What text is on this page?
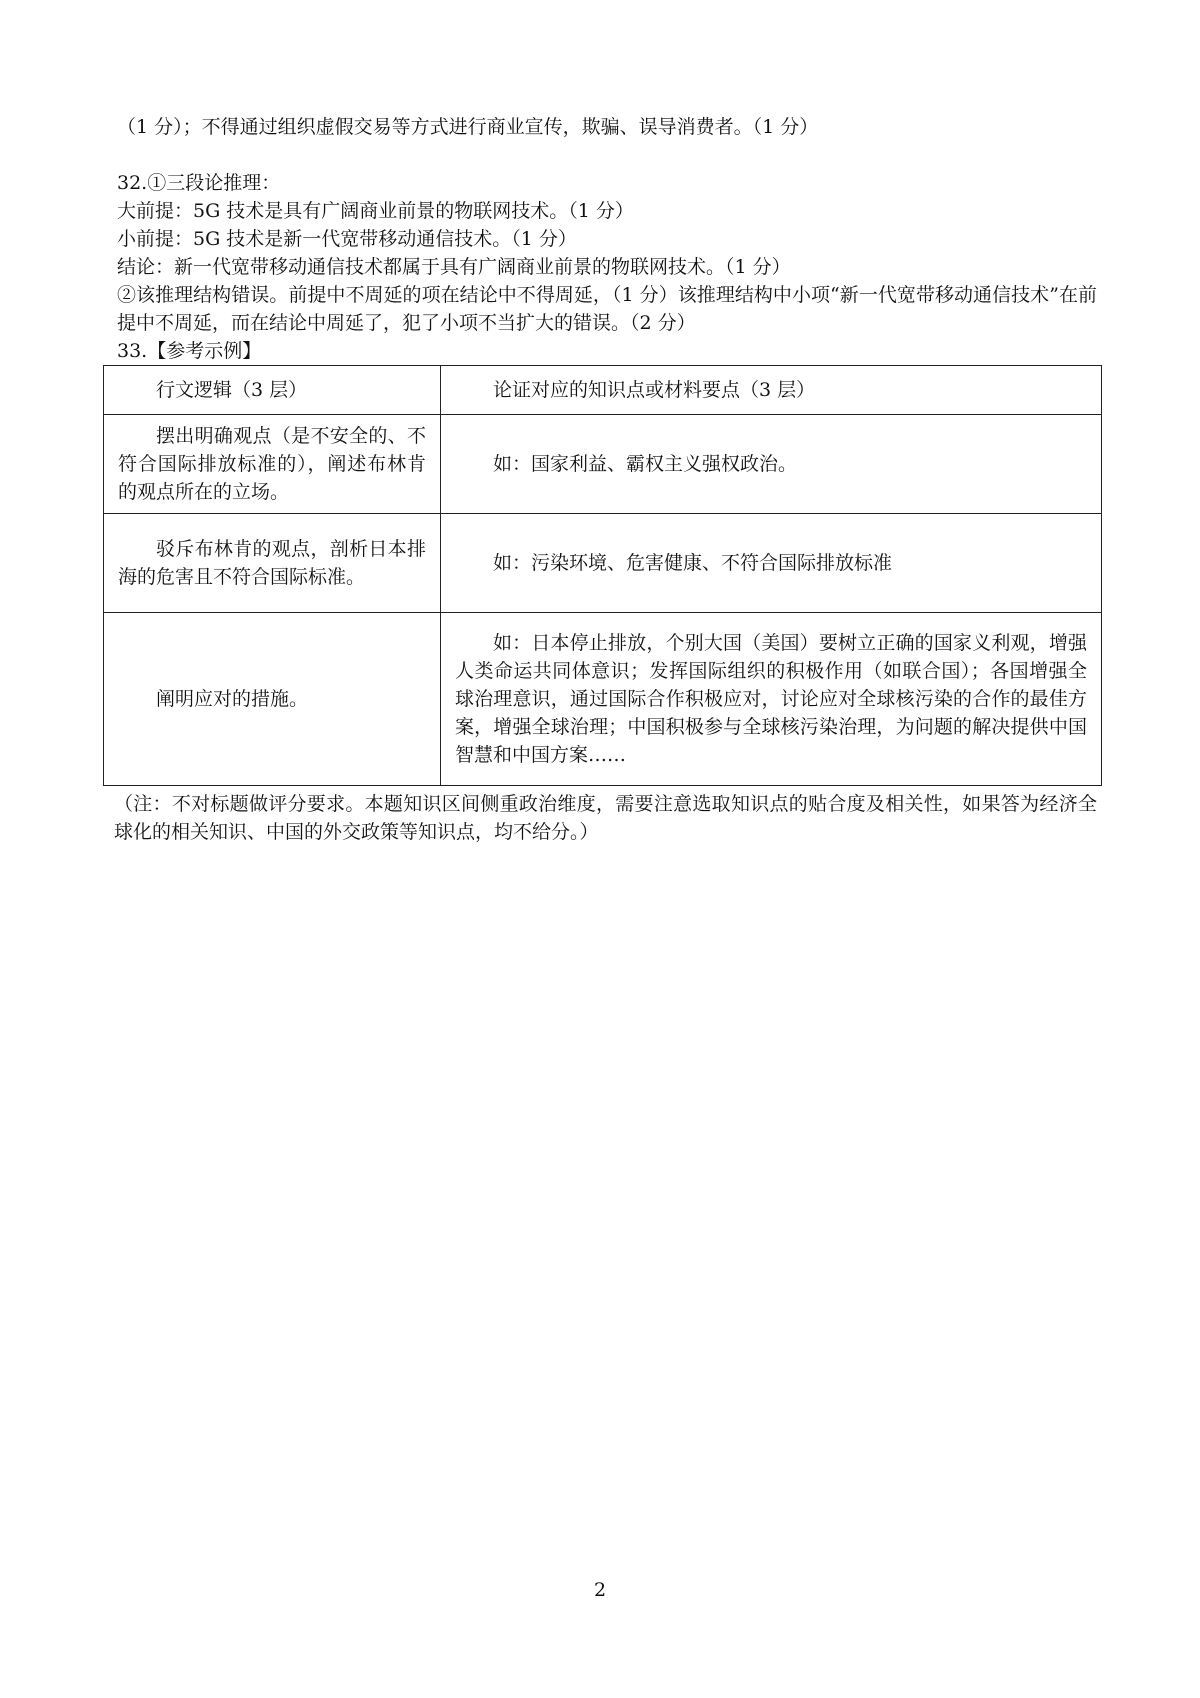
（1 分）；不得通过组织虚假交易等方式进行商业宣传，欺骗、误导消费者。（1 分）

32.①三段论推理：

大前提：5G 技术是具有广阔商业前景的物联网技术。（1 分）

小前提：5G 技术是新一代宽带移动通信技术。（1 分）

结论：新一代宽带移动通信技术都属于具有广阔商业前景的物联网技术。（1 分）

②该推理结构错误。前提中不周延的项在结论中不得周延，（1 分）该推理结构中小项“新一代宽带移动通信技术”在前提中不周延，而在结论中周延了，犯了小项不当扩大的错误。（2 分）

33.【参考示例】

行文逻辑（3 层）	论证对应的知识点或材料要点（3 层）
摆出明确观点（是不安全的、不符合国际排放标准的），阐述布林肯的观点所在的立场。	如：国家利益、霸权主义强权政治。
驳斥布林肯的观点，剖析日本排海的危害且不符合国际标准。	如：污染环境、危害健康、不符合国际排放标准
阐明应对的措施。	如：日本停止排放，个别大国（美国）要树立正确的国家义利观，增强人类命运共同体意识；发挥国际组织的积极作用（如联合国）；各国增强全球治理意识，通过国际合作积极应对，讨论应对全球核污染的合作的最佳方案，增强全球治理；中国积极参与全球核污染治理，为问题的解决提供中国智慧和中国方案……

（注：不对标题做评分要求。本题知识区间侧重政治维度，需要注意选取知识点的贴合度及相关性，如果答为经济全球化的相关知识、中国的外交政策等知识点，均不给分。）

2
